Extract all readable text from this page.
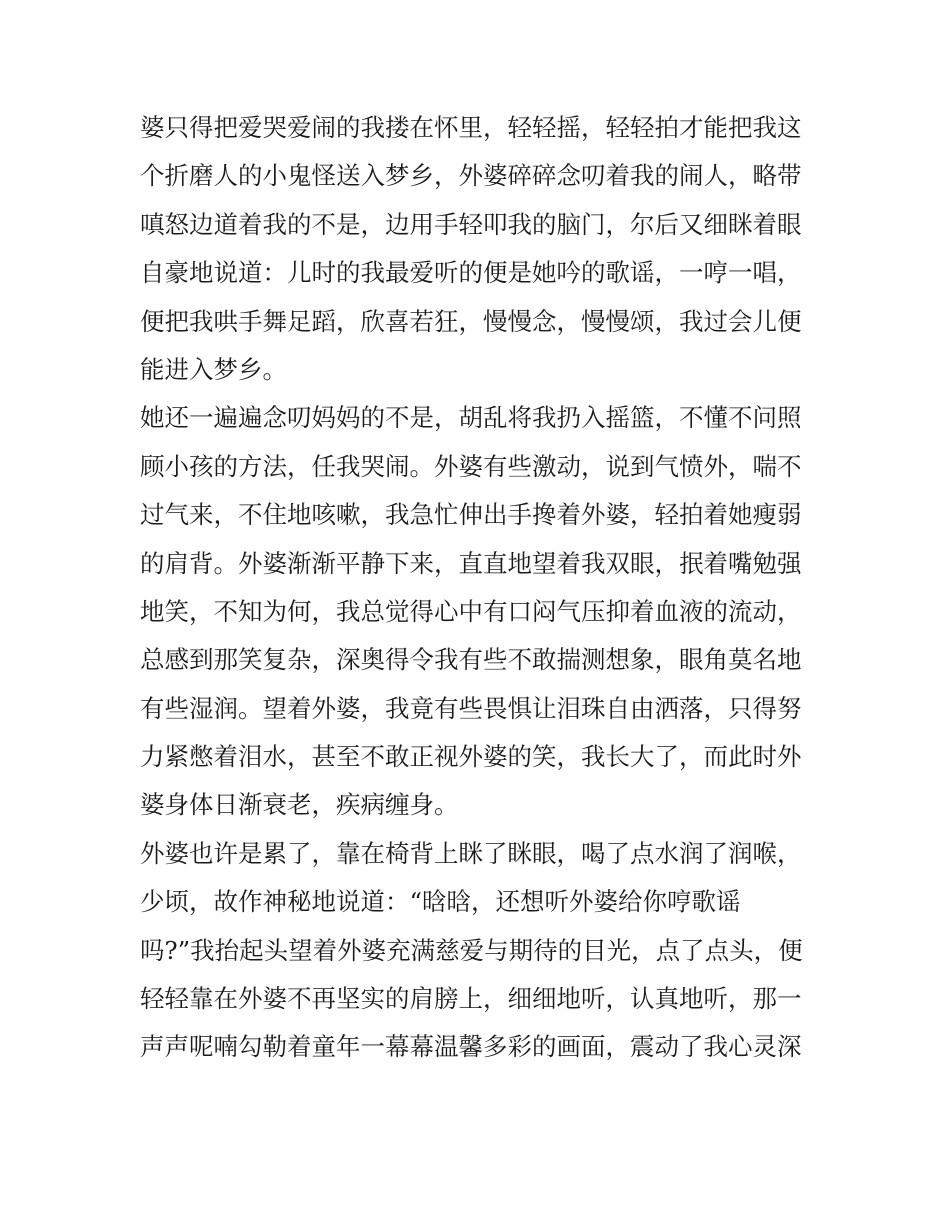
婆只得把爱哭爱闹的我搂在怀里，轻轻摇，轻轻拍才能把我这
个折磨人的小鬼怪送入梦乡，外婆碎碎念叨着我的闹人，略带
嗔怒边道着我的不是，边用手轻叩我的脑门，尔后又细眯着眼
自豪地说道：儿时的我最爱听的便是她吟的歌谣，一哼一唱，
便把我哄手舞足蹈，欣喜若狂，慢慢念，慢慢颂，我过会儿便
能进入梦乡。
她还一遍遍念叨妈妈的不是，胡乱将我扔入摇篮，不懂不问照
顾小孩的方法，任我哭闹。外婆有些激动，说到气愤外，喘不
过气来，不住地咳嗽，我急忙伸出手搀着外婆，轻拍着她瘦弱
的肩背。外婆渐渐平静下来，直直地望着我双眼，抿着嘴勉强
地笑，不知为何，我总觉得心中有口闷气压抑着血液的流动，
总感到那笑复杂，深奥得令我有些不敢揣测想象，眼角莫名地
有些湿润。望着外婆，我竟有些畏惧让泪珠自由洒落，只得努
力紧憋着泪水，甚至不敢正视外婆的笑，我长大了，而此时外
婆身体日渐衰老，疾病缠身。
外婆也许是累了，靠在椅背上眯了眯眼，喝了点水润了润喉，
少顷，故作神秘地说道：“晗晗，还想听外婆给你哼歌谣
吗?”我抬起头望着外婆充满慈爱与期待的目光，点了点头，便
轻轻靠在外婆不再坚实的肩膀上，细细地听，认真地听，那一
声声呢喃勾勒着童年一幕幕温馨多彩的画面，震动了我心灵深
